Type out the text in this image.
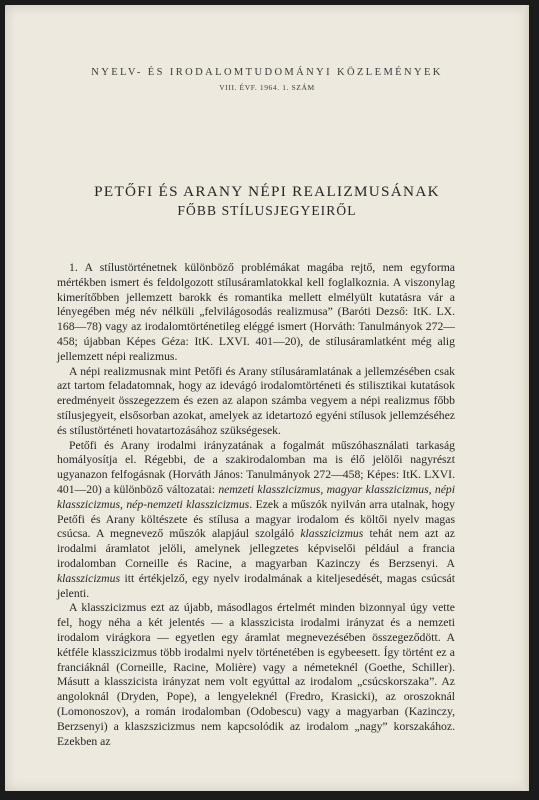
NYELV- ÉS IRODALOMTUDOMÁNYI KÖZLEMÉNYEK
VIII. ÉVF. 1964. 1. SZÁM
PETŐFI ÉS ARANY NÉPI REALIZMUSÁNAK
FŐBB STÍLUSJEGYEIRŐL

1. A stílustörténetnek különböző problémákat magába rejtő, nem egyforma mértékben ismert és feldolgozott stílusáramlatokkal kell foglalkoznia. A viszonylag kimerítőbben jellemzett barokk és romantika mellett elmélyült kutatásra vár a lényegében még név nélküli „felvilágosodás realizmusa” (Baróti Dezső: ItK. LX. 168—78) vagy az irodalomtörténetileg eléggé ismert (Horváth: Tanulmányok 272—458; újabban Képes Géza: ItK. LXVI. 401—20), de stílusáramlatként még alig jellemzett népi realizmus.

A népi realizmusnak mint Petőfi és Arany stílusáramlatának a jellemzésében csak azt tartom feladatomnak, hogy az idevágó irodalomtörténeti és stilisztikai kutatások eredményeit összegezzem és ezen az alapon számba vegyem a népi realizmus főbb stílusjegyeit, elsősorban azokat, amelyek az idetartozó egyéni stílusok jellemzéséhez és stílustörténeti hovatartozásához szükségesek.

Petőfi és Arany irodalmi irányzatának a fogalmát műszóhasználati tarkaság homályosítja el. Régebbi, de a szakirodalomban ma is élő jelölői nagyrészt ugyanazon felfogásnak (Horváth János: Tanulmányok 272—458; Képes: ItK. LXVI. 401—20) a különböző változatai: nemzeti klasszicizmus, magyar klasszicizmus, népi klasszicizmus, nép-nemzeti klasszicizmus. Ezek a műszók nyilván arra utalnak, hogy Petőfi és Arany költészete és stílusa a magyar irodalom és költői nyelv magas csúcsa. A megnevező műszók alapjául szolgáló klasszicizmus tehát nem azt az irodalmi áramlatot jelöli, amelynek jellegzetes képviselői például a francia irodalomban Corneille és Racine, a magyarban Kazinczy és Berzsenyi. A klasszicizmus itt értékjelző, egy nyelv irodalmának a kiteljesedését, magas csúcsát jelenti.

A klasszicizmus ezt az újabb, másodlagos értelmét minden bizonnyal úgy vette fel, hogy néha a két jelentés — a klasszicista irodalmi irányzat és a nemzeti irodalom virágkora — egyetlen egy áramlat megnevezésében összegeződött. A kétféle klasszicizmus több irodalmi nyelv történetében is egybeesett. Így történt ez a franciáknál (Corneille, Racine, Molière) vagy a németeknél (Goethe, Schiller). Másutt a klasszicista irányzat nem volt egyúttal az irodalom „csúcskorszaka”. Az angoloknál (Dryden, Pope), a lengyeleknél (Fredro, Krasicki), az oroszoknál (Lomonoszov), a román irodalomban (Odobescu) vagy a magyarban (Kazinczy, Berzsenyi) a klaszszicizmus nem kapcsolódik az irodalom „nagy” korszakához. Ezekben az
